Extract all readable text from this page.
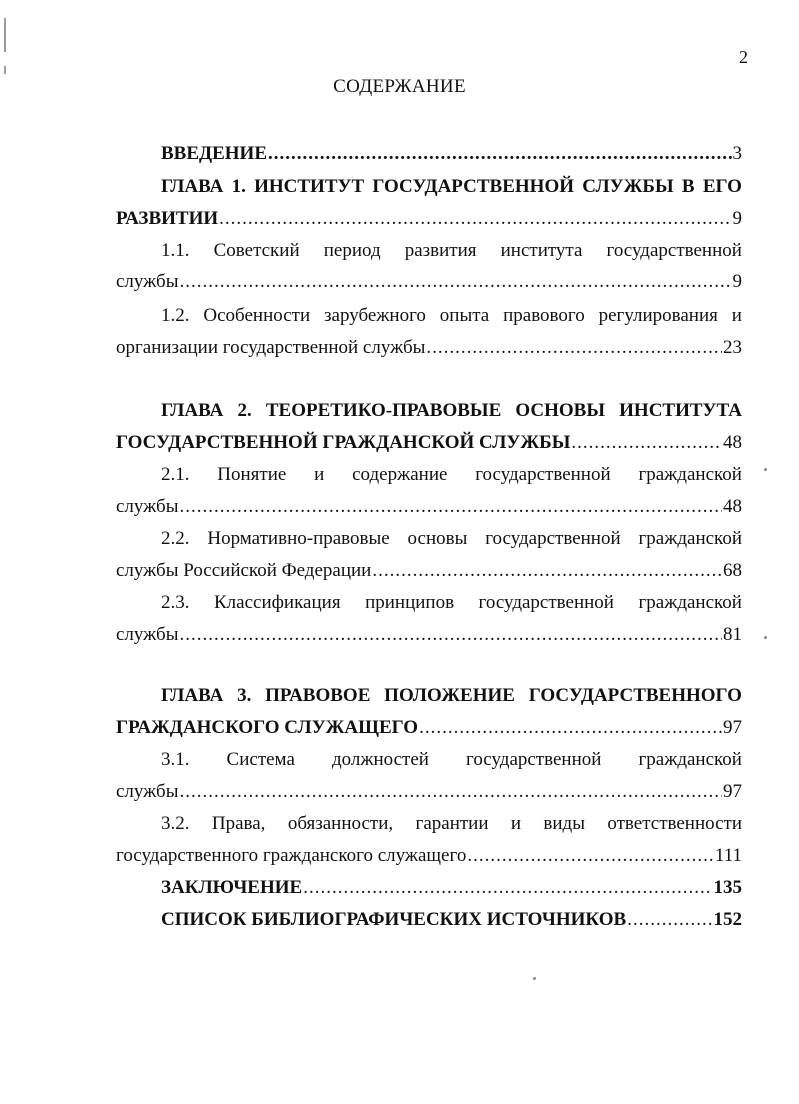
2
СОДЕРЖАНИЕ
ВВЕДЕНИЕ .....	3
ГЛАВА 1. ИНСТИТУТ ГОСУДАРСТВЕННОЙ СЛУЖБЫ В ЕГО
РАЗВИТИИ .....	9
1.1. Советский период развития института государственной
службы .....	9
1.2. Особенности зарубежного опыта правового регулирования и
организации государственной службы .....	23
ГЛАВА 2. ТЕОРЕТИКО-ПРАВОВЫЕ ОСНОВЫ ИНСТИТУТА
ГОСУДАРСТВЕННОЙ ГРАЖДАНСКОЙ СЛУЖБЫ .....	48
2.1. Понятие и содержание государственной гражданской
службы .....	48
2.2. Нормативно-правовые основы государственной гражданской
службы Российской Федерации .....	68
2.3. Классификация принципов государственной гражданской
службы .....	81
ГЛАВА 3. ПРАВОВОЕ ПОЛОЖЕНИЕ ГОСУДАРСТВЕННОГО
ГРАЖДАНСКОГО СЛУЖАЩЕГО .....	97
3.1. Система должностей государственной гражданской
службы .....	97
3.2. Права, обязанности, гарантии и виды ответственности
государственного гражданского служащего .....	111
ЗАКЛЮЧЕНИЕ .....	135
СПИСОК БИБЛИОГРАФИЧЕСКИХ ИСТОЧНИКОВ .....	152
